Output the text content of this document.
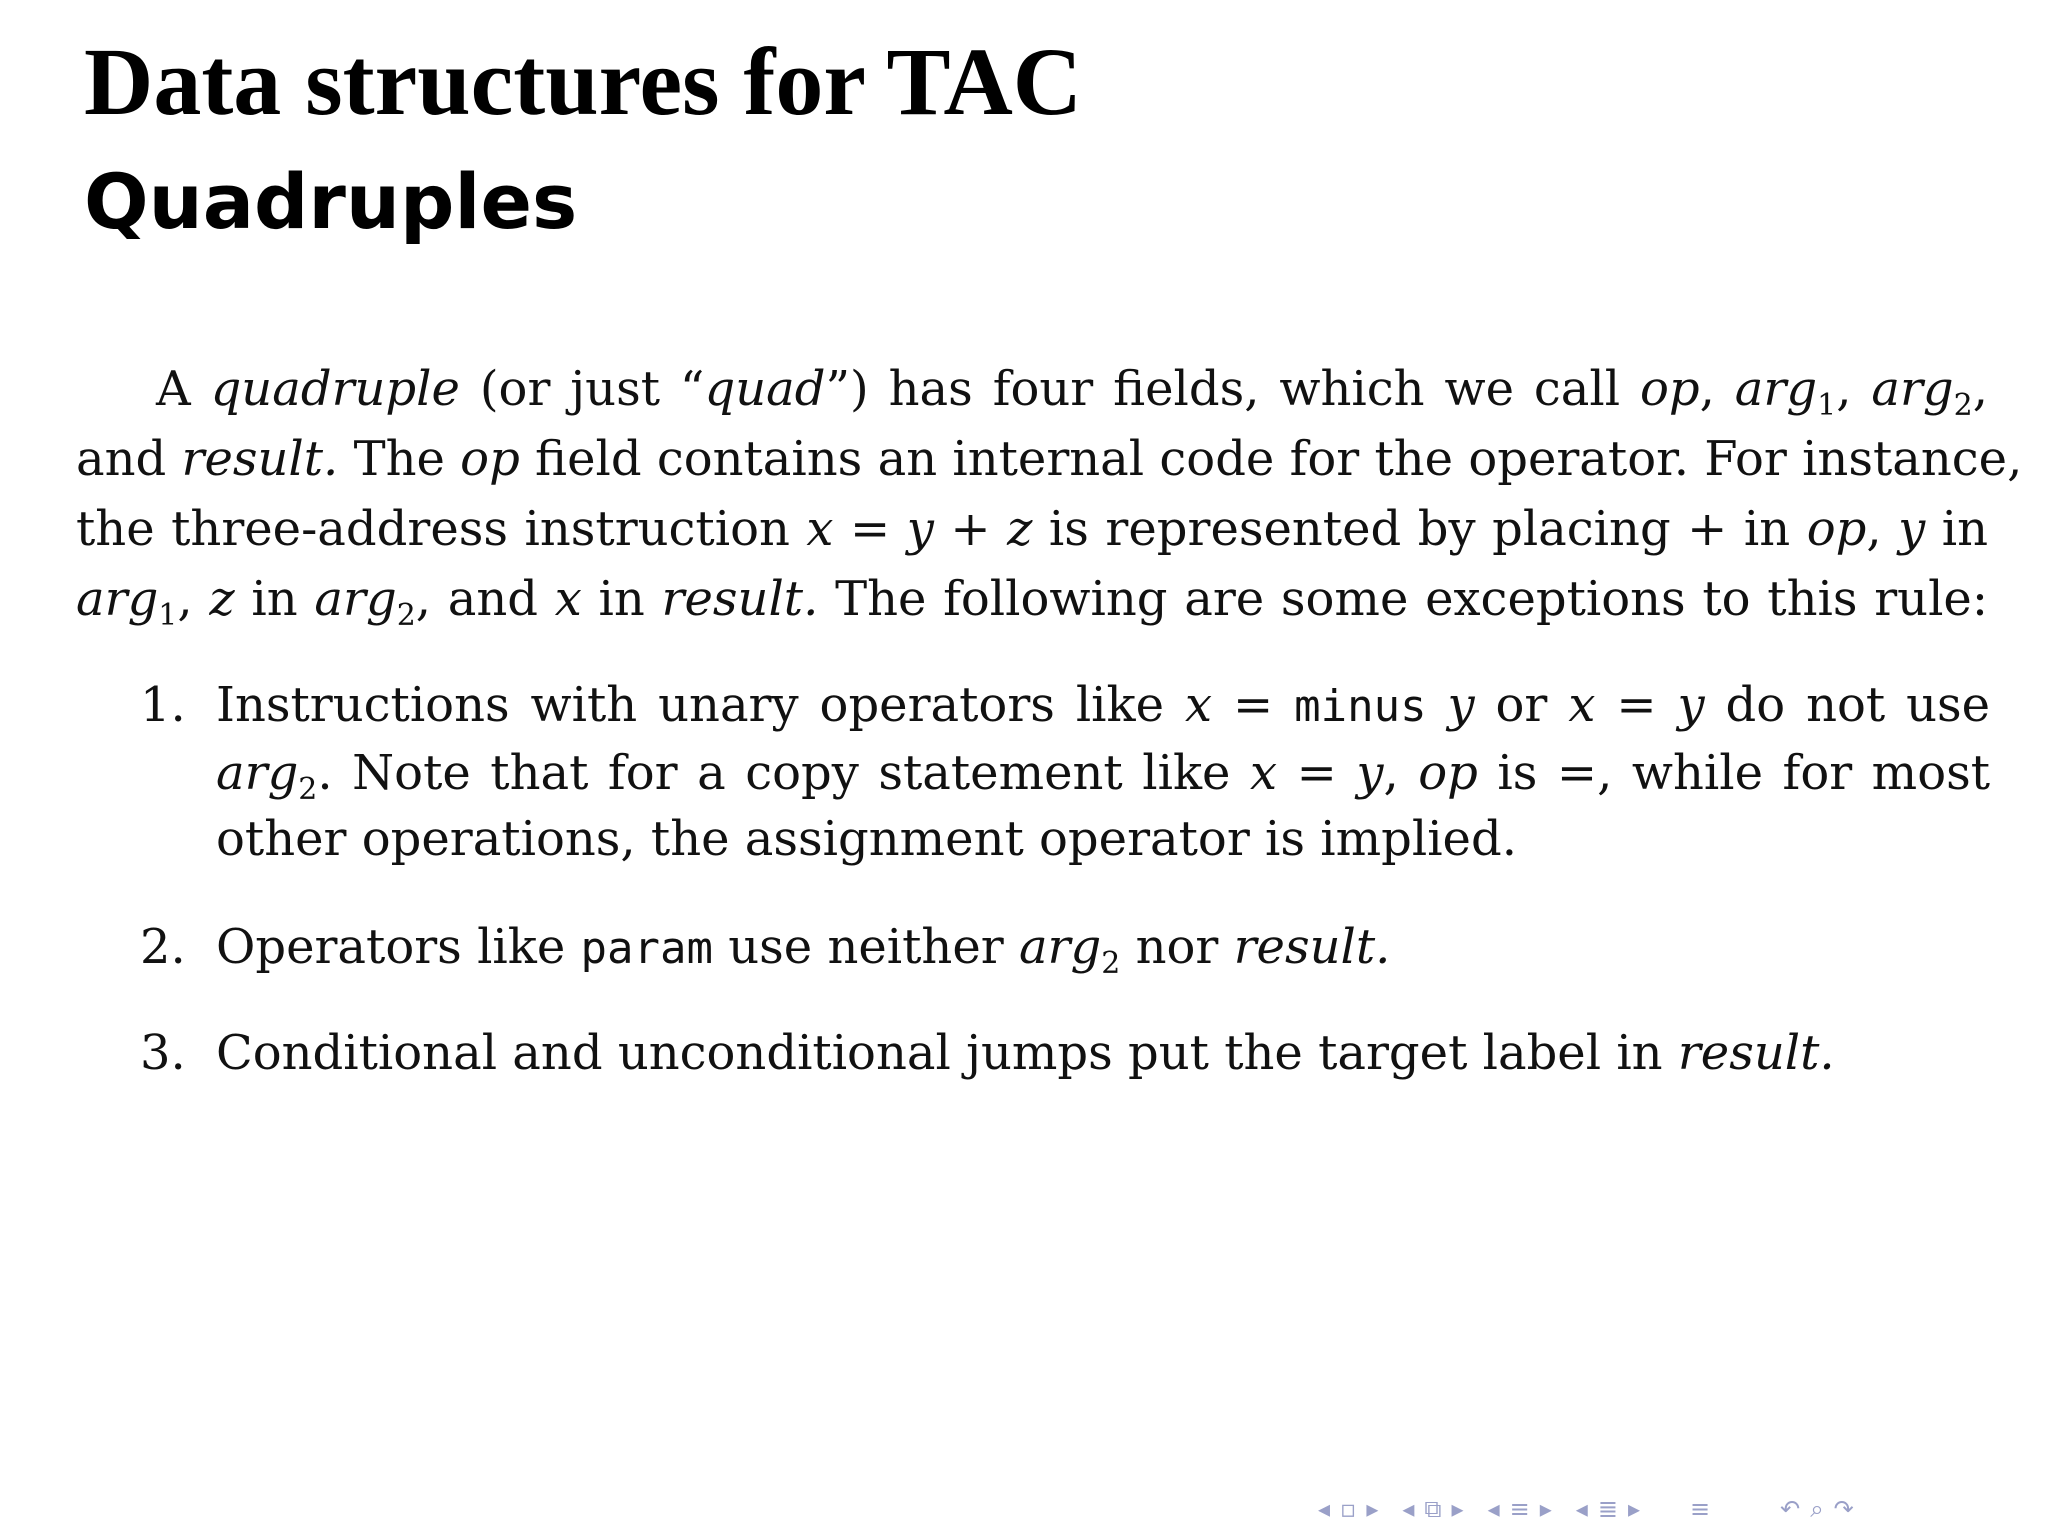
Data structures for TAC
Quadruples

A quadruple (or just “quad”) has four fields, which we call op, arg$_1$, arg$_2$,
and result. The op field contains an internal code for the operator. For instance,
the three-address instruction x = y + z is represented by placing + in op, y in
arg$_1$, z in arg$_2$, and x in result. The following are some exceptions to this rule:

1. Instructions with unary operators like x = minus y or x = y do not use
arg$_2$. Note that for a copy statement like x = y, op is =, while for most
other operations, the assignment operator is implied.
2. Operators like param use neither arg$_2$ nor result.
3. Conditional and unconditional jumps put the target label in result.
◂ ▫ ▸ ◂ ⧉ ▸ ◂ ≡ ▸ ◂ ≣ ▸ ≡	↶ ⌕ ↷
